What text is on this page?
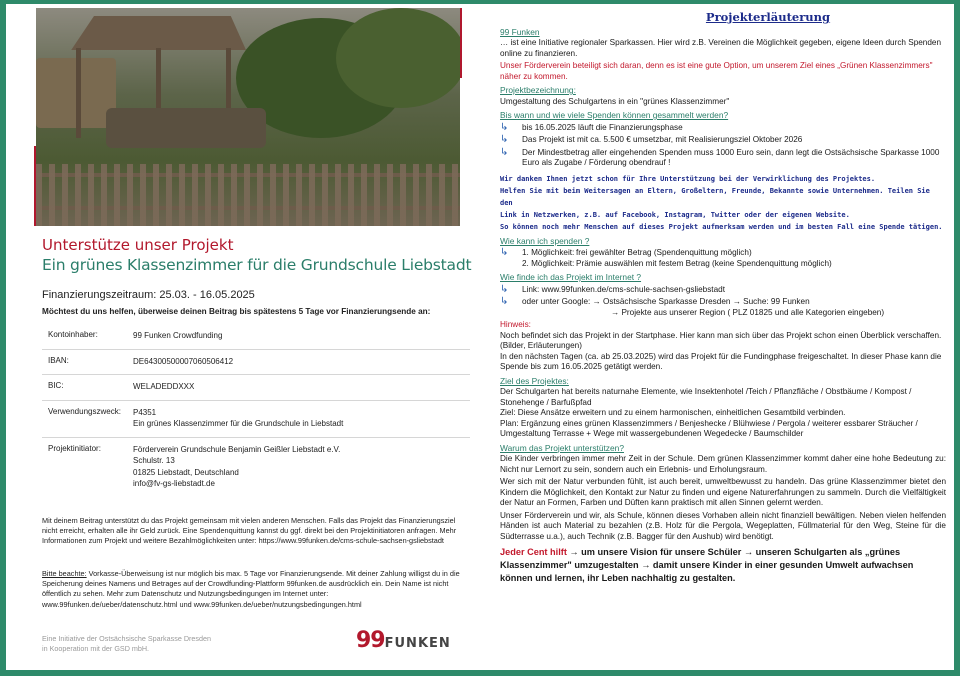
Unterstütze unser Projekt
Ein grünes Klassenzimmer für die Grundschule Liebstadt
Finanzierungszeitraum: 25.03. - 16.05.2025
Möchtest du uns helfen, überweise deinen Beitrag bis spätestens 5 Tage vor Finanzierungsende an:
Kontoinhaber:	99 Funken Crowdfunding
IBAN:	DE64300500007060506412
BIC:	WELADEDDXXX
Verwendungszweck:	P4351
Ein grünes Klassenzimmer für die Grundschule in Liebstadt
Projektinitiator:	Förderverein Grundschule Benjamin Geißler Liebstadt e.V.
Schulstr. 13
01825 Liebstadt, Deutschland
info@fv-gs-liebstadt.de
Mit deinem Beitrag unterstützt du das Projekt gemeinsam mit vielen anderen Menschen. Falls das Projekt das Finanzierungsziel nicht erreicht, erhalten alle ihr Geld zurück. Eine Spendenquittung kannst du ggf. direkt bei den Projektinitiatoren anfragen. Mehr Informationen zum Projekt und weitere Bezahlmöglichkeiten unter: https://www.99funken.de/cms-schule-sachsen-gsliebstadt
Bitte beachte: Vorkasse-Überweisung ist nur möglich bis max. 5 Tage vor Finanzierungsende. Mit deiner Zahlung willigst du in die Speicherung deines Namens und Betrages auf der Crowdfunding-Plattform 99funken.de ausdrücklich ein. Dein Name ist nicht öffentlich zu sehen. Mehr zum Datenschutz und Nutzungsbedingungen im Internet unter: www.99funken.de/ueber/datenschutz.html und www.99funken.de/ueber/nutzungsbedingungen.html
Eine Initiative der Ostsächsische Sparkasse Dresden
in Kooperation mit der GSD mbH.	99FUNKEN
Projekterläuterung
99 Funken
… ist eine Initiative regionaler Sparkassen. Hier wird z.B. Vereinen die Möglichkeit gegeben, eigene Ideen durch Spenden online zu finanzieren.
Unser Förderverein beteiligt sich daran, denn es ist eine gute Option, um unserem Ziel eines „Grünen Klassenzimmers" näher zu kommen.
Projektbezeichnung:
Umgestaltung des Schulgartens in ein "grünes Klassenzimmer"
Bis wann und wie viele Spenden können gesammelt werden?
↳	bis 16.05.2025 läuft die Finanzierungsphase
↳	Das Projekt ist mit ca. 5.500 € umsetzbar, mit Realisierungsziel Oktober 2026
↳	Der Mindestbetrag aller eingehenden Spenden muss 1000 Euro sein, dann legt die Ostsächsische Sparkasse 1000 Euro als Zugabe / Förderung obendrauf !
Wir danken Ihnen jetzt schon für Ihre Unterstützung bei der Verwirklichung des Projektes.
Helfen Sie mit beim Weitersagen an Eltern, Großeltern, Freunde, Bekannte sowie Unternehmen. Teilen Sie den
Link in Netzwerken, z.B. auf Facebook, Instagram, Twitter oder der eigenen Website.
So können noch mehr Menschen auf dieses Projekt aufmerksam werden und im besten Fall eine Spende tätigen.
Wie kann ich spenden ?
↳	1. Möglichkeit: frei gewählter Betrag (Spendenquittung möglich)
2. Möglichkeit: Prämie auswählen mit festem Betrag (keine Spendenquittung möglich)
Wie finde ich das Projekt im Internet ?
↳	Link: www.99funken.de/cms-schule-sachsen-gsliebstadt
↳	oder unter Google: → Ostsächsische Sparkasse Dresden → Suche: 99 Funken
→ Projekte aus unserer Region ( PLZ 01825 und alle Kategorien eingeben)
Hinweis:
Noch befindet sich das Projekt in der Startphase. Hier kann man sich über das Projekt schon einen Überblick verschaffen. (Bilder, Erläuterungen)
In den nächsten Tagen (ca. ab 25.03.2025) wird das Projekt für die Fundingphase freigeschaltet. In dieser Phase kann die Spende bis zum 16.05.2025 getätigt werden.
Ziel des Projektes:
Der Schulgarten hat bereits naturnahe Elemente, wie Insektenhotel /Teich / Pflanzfläche / Obstbäume / Kompost / Stonehenge / Barfußpfad
Ziel: Diese Ansätze erweitern und zu einem harmonischen, einheitlichen Gesamtbild verbinden.
Plan: Ergänzung eines grünen Klassenzimmers / Benjeshecke / Blühwiese / Pergola / weiterer essbarer Sträucher / Umgestaltung Terrasse + Wege mit wassergebundenen Wegedecke / Baumschilder
Warum das Projekt unterstützen?
Die Kinder verbringen immer mehr Zeit in der Schule. Dem grünen Klassenzimmer kommt daher eine hohe Bedeutung zu: Nicht nur Lernort zu sein, sondern auch ein Erlebnis- und Erholungsraum.
Wer sich mit der Natur verbunden fühlt, ist auch bereit, umweltbewusst zu handeln. Das grüne Klassenzimmer bietet den Kindern die Möglichkeit, den Kontakt zur Natur zu finden und eigene Naturerfahrungen zu sammeln. Durch die Vielfältigkeit der Natur an Formen, Farben und Düften kann praktisch mit allen Sinnen gelernt werden.
Unser Förderverein und wir, als Schule, können dieses Vorhaben allein nicht finanziell bewältigen. Neben vielen helfenden Händen ist auch Material zu bezahlen (z.B. Holz für die Pergola, Wegeplatten, Füllmaterial für den Weg, Steine für die Südterrasse u.a.), auch Technik (z.B. Bagger für den Aushub) wird benötigt.
Jeder Cent hilft → um unsere Vision für unsere Schüler → unseren Schulgarten als „grünes Klassenzimmer" umzugestalten → damit unsere Kinder in einer gesunden Umwelt aufwachsen können und lernen, ihr Leben nachhaltig zu gestalten.
